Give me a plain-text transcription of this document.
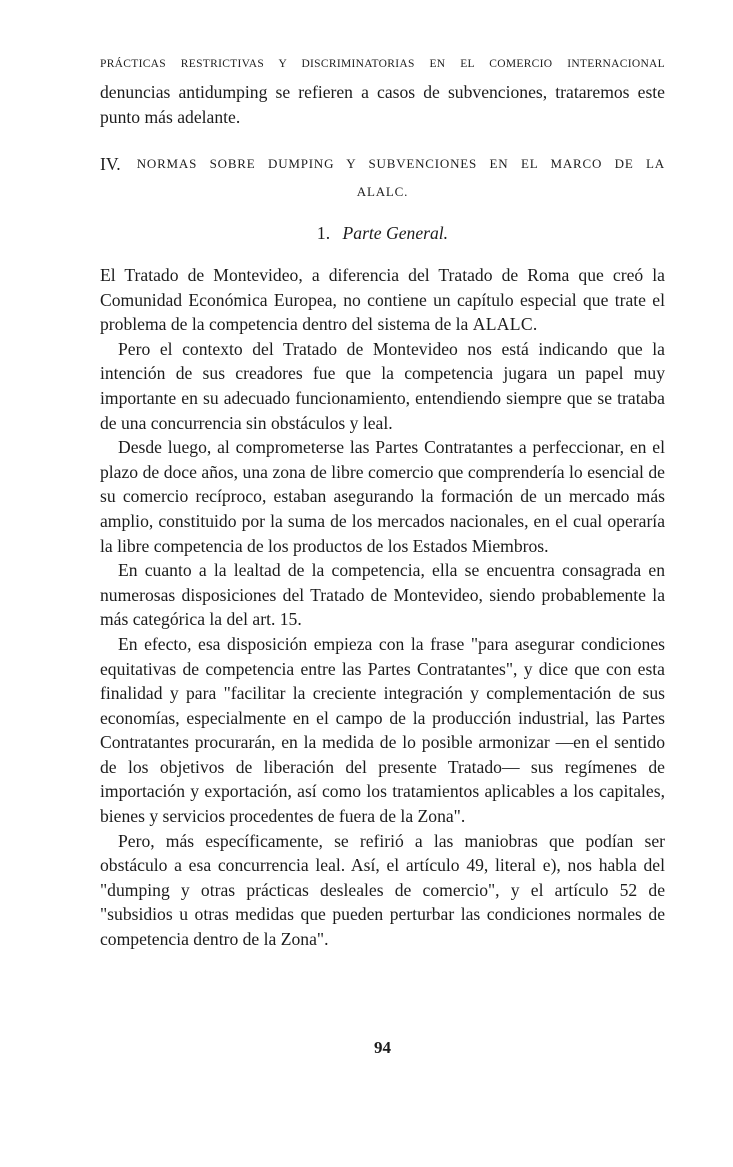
PRÁCTICAS RESTRICTIVAS Y DISCRIMINATORIAS EN EL COMERCIO INTERNACIONAL

denuncias antidumping se refieren a casos de subvenciones, trataremos este punto más adelante.

IV. NORMAS SOBRE DUMPING Y SUBVENCIONES EN EL MARCO DE LA
ALALC.
1. Parte General.

El Tratado de Montevideo, a diferencia del Tratado de Roma que creó la Comunidad Económica Europea, no contiene un capítulo especial que trate el problema de la competencia dentro del sistema de la ALALC.

Pero el contexto del Tratado de Montevideo nos está indicando que la intención de sus creadores fue que la competencia jugara un papel muy importante en su adecuado funcionamiento, entendiendo siempre que se trataba de una concurrencia sin obstáculos y leal.

Desde luego, al comprometerse las Partes Contratantes a perfeccionar, en el plazo de doce años, una zona de libre comercio que comprendería lo esencial de su comercio recíproco, estaban asegurando la formación de un mercado más amplio, constituido por la suma de los mercados nacionales, en el cual operaría la libre competencia de los productos de los Estados Miembros.

En cuanto a la lealtad de la competencia, ella se encuentra consagrada en numerosas disposiciones del Tratado de Montevideo, siendo probablemente la más categórica la del art. 15.

En efecto, esa disposición empieza con la frase "para asegurar condiciones equitativas de competencia entre las Partes Contratantes", y dice que con esta finalidad y para "facilitar la creciente integración y complementación de sus economías, especialmente en el campo de la producción industrial, las Partes Contratantes procurarán, en la medida de lo posible armonizar —en el sentido de los objetivos de liberación del presente Tratado— sus regímenes de importación y exportación, así como los tratamientos aplicables a los capitales, bienes y servicios procedentes de fuera de la Zona".

Pero, más específicamente, se refirió a las maniobras que podían ser obstáculo a esa concurrencia leal. Así, el artículo 49, literal e), nos habla del "dumping y otras prácticas desleales de comercio", y el artículo 52 de "subsidios u otras medidas que pueden perturbar las condiciones normales de competencia dentro de la Zona".

94
